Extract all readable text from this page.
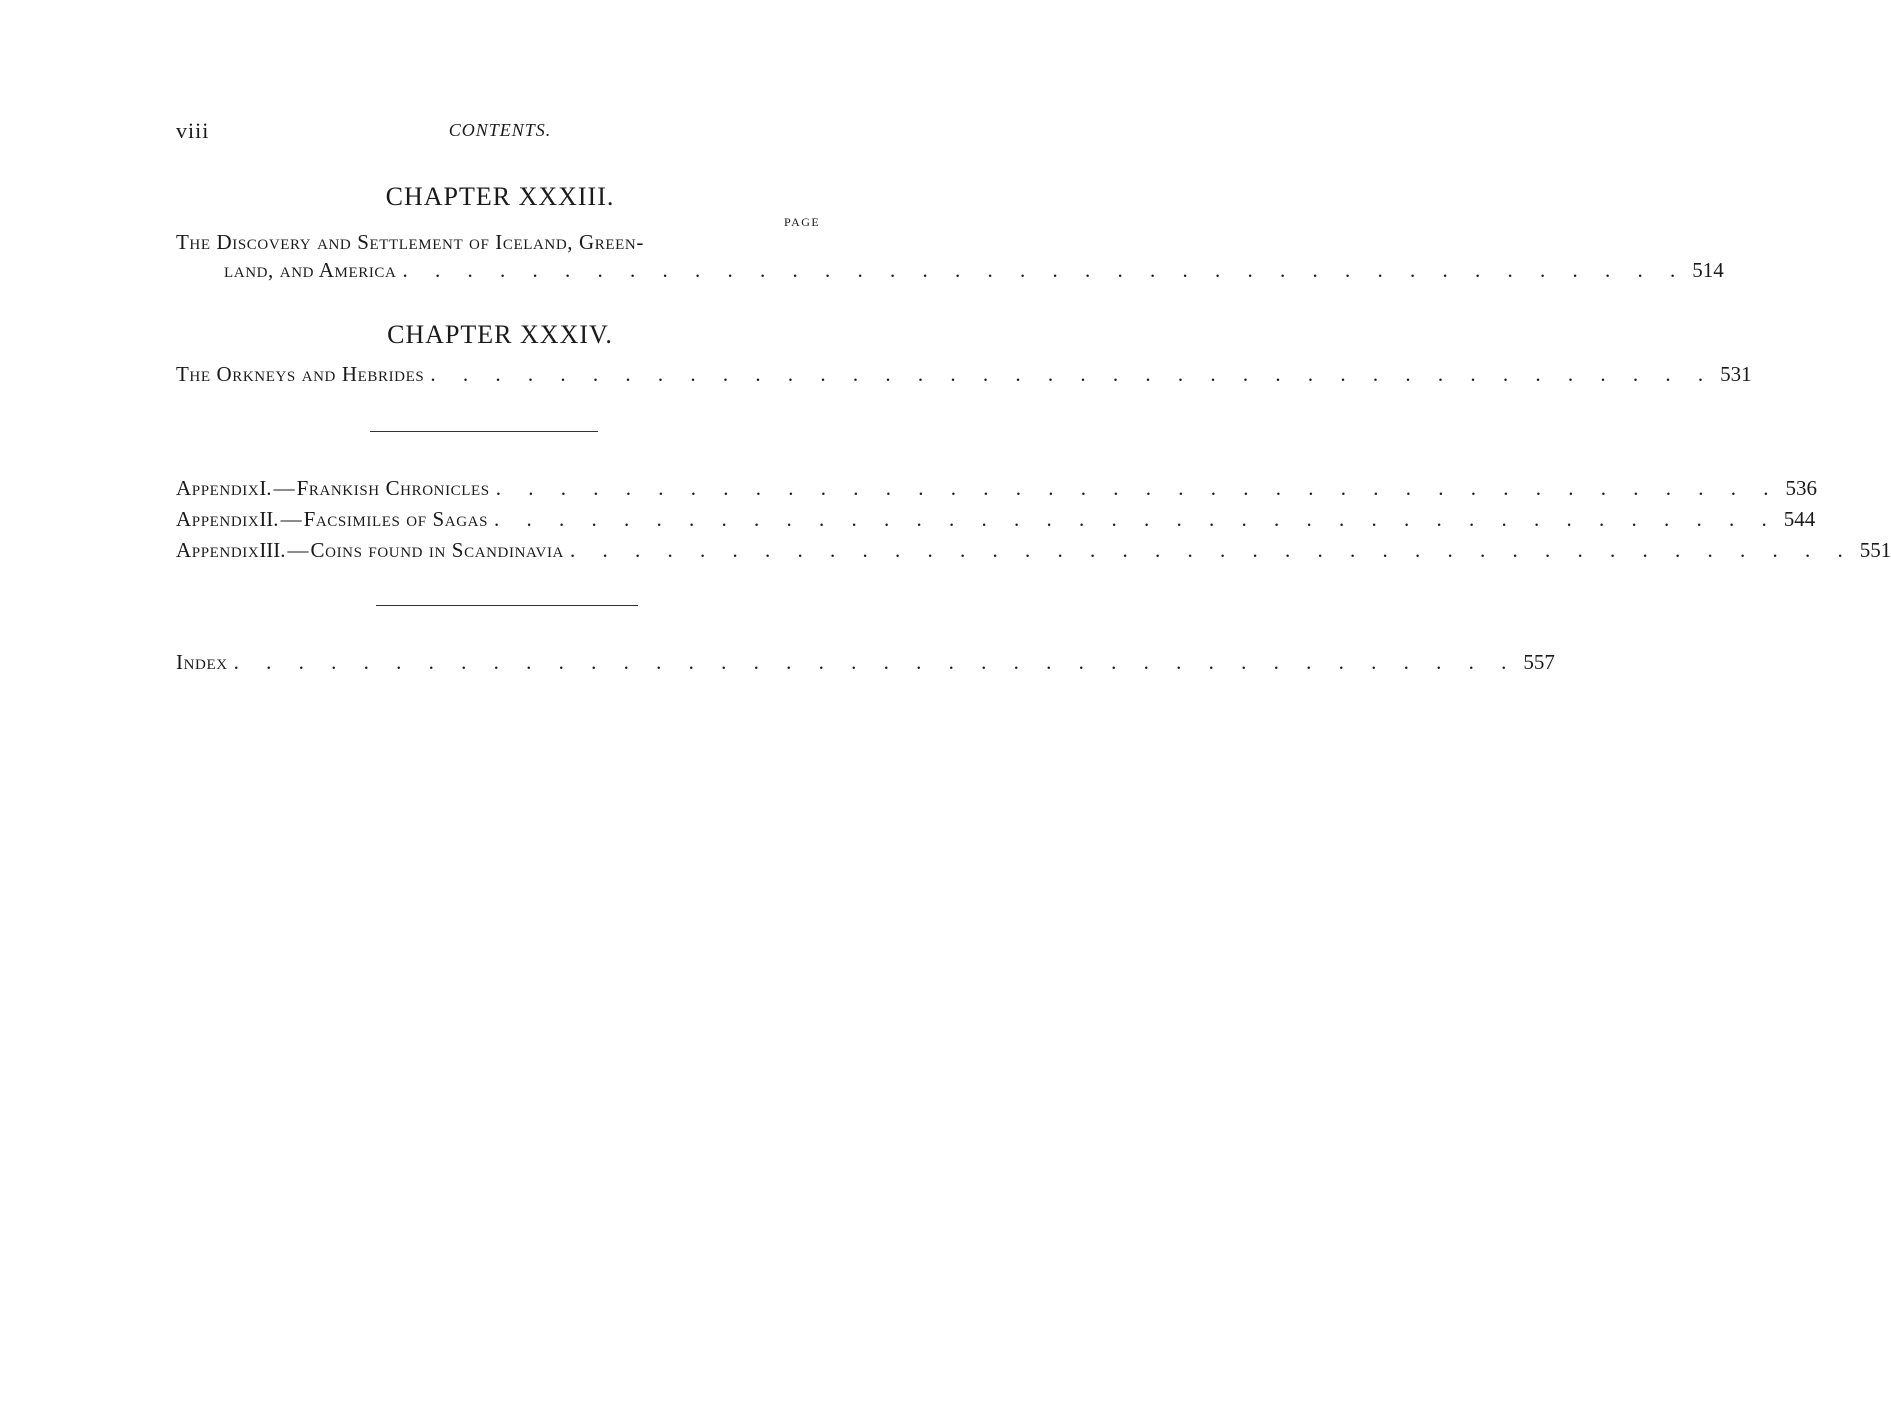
viii	CONTENTS.
CHAPTER XXXIII.
PAGE
The Discovery and Settlement of Iceland, Green-
land, and America . . . . . . . . . . . . . . . . . . . . . . . . . . . . . . . . . . . . . . . . 514
CHAPTER XXXIV.
The Orkneys and Hebrides . . . . . . . . . . . . . . . . . . . . . . . . . . . . . . . . . . . . . . . . 531
Appendix I. — Frankish Chronicles . . . . . . . . . . . . . . . . . . . . . . . . . . . . . . . . . . . . . . . . 536
Appendix II. — Facsimiles of Sagas . . . . . . . . . . . . . . . . . . . . . . . . . . . . . . . . . . . . . . . . 544
Appendix III. — Coins found in Scandinavia . . . . . . . . . . . . . . . . . . . . . . . . . . . . . . . . . . . . . . . . 551
Index . . . . . . . . . . . . . . . . . . . . . . . . . . . . . . . . . . . . . . . . 557
